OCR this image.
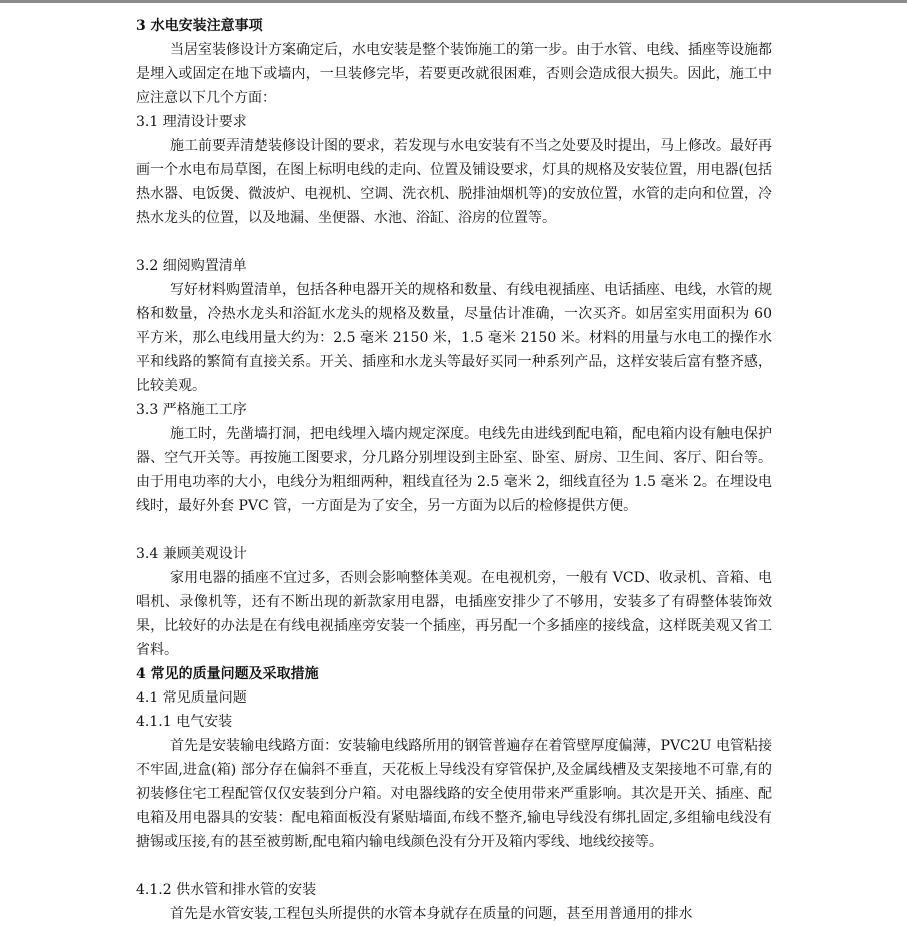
3 水电安装注意事项
当居室装修设计方案确定后，水电安装是整个装饰施工的第一步。由于水管、电线、插座等设施都是埋入或固定在地下或墙内，一旦装修完毕，若要更改就很困难，否则会造成很大损失。因此，施工中应注意以下几个方面：
3.1 理清设计要求
施工前要弄清楚装修设计图的要求，若发现与水电安装有不当之处要及时提出，马上修改。最好再画一个水电布局草图，在图上标明电线的走向、位置及铺设要求，灯具的规格及安装位置，用电器(包括热水器、电饭煲、微波炉、电视机、空调、洗衣机、脱排油烟机等)的安放位置，水管的走向和位置，冷热水龙头的位置，以及地漏、坐便器、水池、浴缸、浴房的位置等。
3.2 细阅购置清单
写好材料购置清单，包括各种电器开关的规格和数量、有线电视插座、电话插座、电线，水管的规格和数量，冷热水龙头和浴缸水龙头的规格及数量，尽量估计准确，一次买齐。如居室实用面积为 60 平方米，那么电线用量大约为：2.5 毫米 2150 米，1.5 毫米 2150 米。材料的用量与水电工的操作水平和线路的繁简有直接关系。开关、插座和水龙头等最好买同一种系列产品，这样安装后富有整齐感，比较美观。
3.3 严格施工工序
施工时，先凿墙打洞，把电线埋入墙内规定深度。电线先由进线到配电箱，配电箱内设有触电保护器、空气开关等。再按施工图要求，分几路分别埋设到主卧室、卧室、厨房、卫生间、客厅、阳台等。由于用电功率的大小，电线分为粗细两种，粗线直径为 2.5 毫米 2，细线直径为 1.5 毫米 2。在埋设电线时，最好外套 PVC 管，一方面是为了安全，另一方面为以后的检修提供方便。
3.4 兼顾美观设计
家用电器的插座不宜过多，否则会影响整体美观。在电视机旁，一般有 VCD、收录机、音箱、电唱机、录像机等，还有不断出现的新款家用电器，电插座安排少了不够用，安装多了有碍整体装饰效果，比较好的办法是在有线电视插座旁安装一个插座，再另配一个多插座的接线盒，这样既美观又省工省料。
4 常见的质量问题及采取措施
4.1 常见质量问题
4.1.1 电气安装
首先是安装输电线路方面：安装输电线路所用的钢管普遍存在着管壁厚度偏薄，PVC2U 电管粘接不牢固,进盒(箱) 部分存在偏斜不垂直，天花板上导线没有穿管保护,及金属线槽及支架接地不可靠,有的初装修住宅工程配管仅仅安装到分户箱。对电器线路的安全使用带来严重影响。其次是开关、插座、配电箱及用电器具的安装：配电箱面板没有紧贴墙面,布线不整齐,输电导线没有绑扎固定,多组输电线没有搪锡或压接,有的甚至被剪断,配电箱内输电线颜色没有分开及箱内零线、地线绞接等。
4.1.2 供水管和排水管的安装
首先是水管安装,工程包头所提供的水管本身就存在质量的问题，甚至用普通用的排水
